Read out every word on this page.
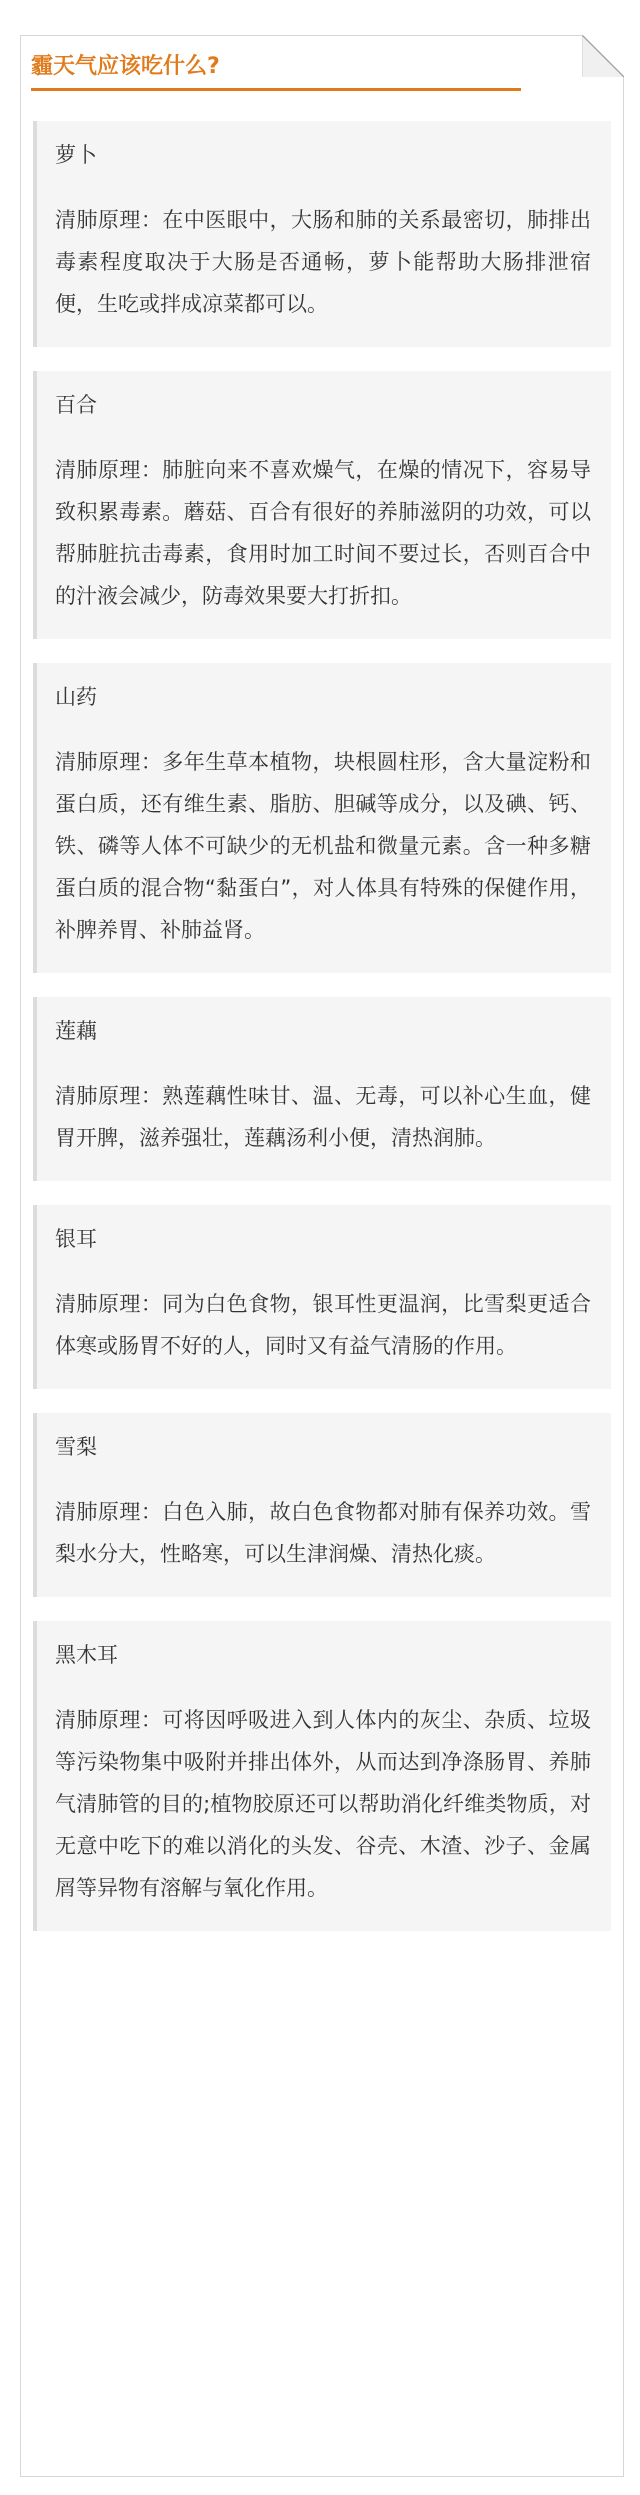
霾天气应该吃什么?

萝卜

清肺原理：在中医眼中，大肠和肺的关系最密切，肺排出毒素程度取决于大肠是否通畅，萝卜能帮助大肠排泄宿便，生吃或拌成凉菜都可以。

百合

清肺原理：肺脏向来不喜欢燥气，在燥的情况下，容易导致积累毒素。蘑菇、百合有很好的养肺滋阴的功效，可以帮肺脏抗击毒素，食用时加工时间不要过长，否则百合中的汁液会减少，防毒效果要大打折扣。

山药

清肺原理：多年生草本植物，块根圆柱形，含大量淀粉和蛋白质，还有维生素、脂肪、胆碱等成分，以及碘、钙、铁、磷等人体不可缺少的无机盐和微量元素。含一种多糖蛋白质的混合物“黏蛋白”，对人体具有特殊的保健作用，补脾养胃、补肺益肾。

莲藕

清肺原理：熟莲藕性味甘、温、无毒，可以补心生血，健胃开脾，滋养强壮，莲藕汤利小便，清热润肺。

银耳

清肺原理：同为白色食物，银耳性更温润，比雪梨更适合体寒或肠胃不好的人，同时又有益气清肠的作用。

雪梨

清肺原理：白色入肺，故白色食物都对肺有保养功效。雪梨水分大，性略寒，可以生津润燥、清热化痰。

黑木耳

清肺原理：可将因呼吸进入到人体内的灰尘、杂质、垃圾等污染物集中吸附并排出体外，从而达到净涤肠胃、养肺气清肺管的目的;植物胶原还可以帮助消化纤维类物质，对无意中吃下的难以消化的头发、谷壳、木渣、沙子、金属屑等异物有溶解与氧化作用。
